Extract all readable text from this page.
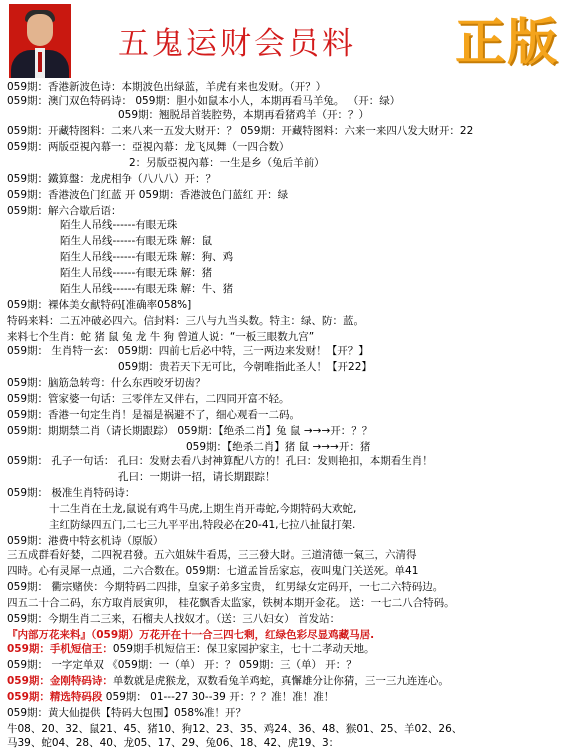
五鬼运财会员料 正版
059期：香港新波色诗：本期波色出绿蓝，羊虎有来也发财。（开？）
059期：澳门双色特码诗： 059期：胆小如鼠本小人，本期再看马羊兔。 （开：绿）
059期：翘脱昂首装腔势，本期再看猪鸡羊（开：？）
059期：开藏特图料：二来八来一五发大财开：？ 059期：开藏特图料：六来一来四八发大财开：22
059期：两版亞視內幕一：亞視內幕：龙飞凤舞（一四合数）
2：另版亞視內幕：一生是乡（兔后羊前）
059期：鐵算盤：龙虎相争（八八八）开：？
059期：香港波色门红蓝 开 059期：香港波色门蓝红 开：绿
059期：解六合歇后语：
陌生人吊线------有眼无珠
陌生人吊线------有眼无珠 解：鼠
陌生人吊线------有眼无珠 解：狗、鸡
陌生人吊线------有眼无珠 解：猪
陌生人吊线------有眼无珠 解：牛、猪
059期：裸体美女献特码[准确率058%]
特码来料：二五冲破必四六。信封料：三八与九当头数。特主：绿、防：蓝。
来料七个生肖：蛇 猪 鼠 兔 龙 牛 狗 曾道人说：“一板三眼数九宫”
059期： 生肖特一玄： 059期：四前七后必中特，三一两边来发财！【开？】
059期：贵若天下无可比，今朝唯指此圣人！【开22】
059期：脑筋急转弯：什么东西咬牙切齿？
059期：管家婆一句话：三零伴左又伴右，二四同开富不轻。
059期：香港一句定生肖！是福是祸避不了，细心观看一二码。
059期：期期禁二肖（请长期跟踪） 059期：【绝杀二肖】兔 鼠 →→→开：？？
059期：【绝杀二肖】猪 鼠 →→→开：猪
059期： 孔子一句话： 孔曰：发财去看八封神算配八方的！孔曰：发则艳扣，本期看生肖！
孔曰：一期讲一招，请长期跟踪！
059期： 极准生肖特码诗：
十二生肖在土龙,鼠说有鸡牛马虎,上期生肖开毒蛇,今期特码大欢蛇,
主红防绿四五门,二七三九平平出,特段必在20-41,七拉八扯鼠打架.
059期：港费中特玄机诗（原版）
三五成群看好婪，二四祝君發。五六姐妹牛看馬，三三發大財。三道清德一氣三，六清得
四時。心有灵犀一点通，二六合数在。059期：七道孟旨岳家忘，夜叫鬼门关送死。单41
059期： 衢宗赌侠：今期特码二四排，皇家子弟多宝贵， 红男绿女定码开，一七二六特码边。
四五二十合二码，东方取肖辰寅卯， 桂花飘香太监家，铁树本期开金花。 送：一七二八合特码。
059期：今期生肖二三来，石榴夫人找奴才。（送：三八妇女） 首发站：
『内部万花来料』（059期）万花开在十一合三四七剩，红绿色彩尽显鸡藏马居.
059期：手机短信王：059期手机短信王：保卫家园护家主，七十二孝动天地。
059期： 一字定单双 《059期：一（单） 开：？ 059期：三（单） 开：？
059期：金刚特码诗：单数就是虎猴龙，双数看兔羊鸡蛇，真懈雄分让你猜，三一三九连连心。
059期：精选特码段 059期： 01---27 30--39 开：？？准！准！准！
059期：黄大仙提供【特码大包围】058%准！开？
牛08、20、32、鼠21、45、猪10、狗12、23、35、鸡24、36、48、猴01、25、羊02、26、
马39、蛇04、28、40、龙05、17、29、兔06、18、42、虎19、3：
